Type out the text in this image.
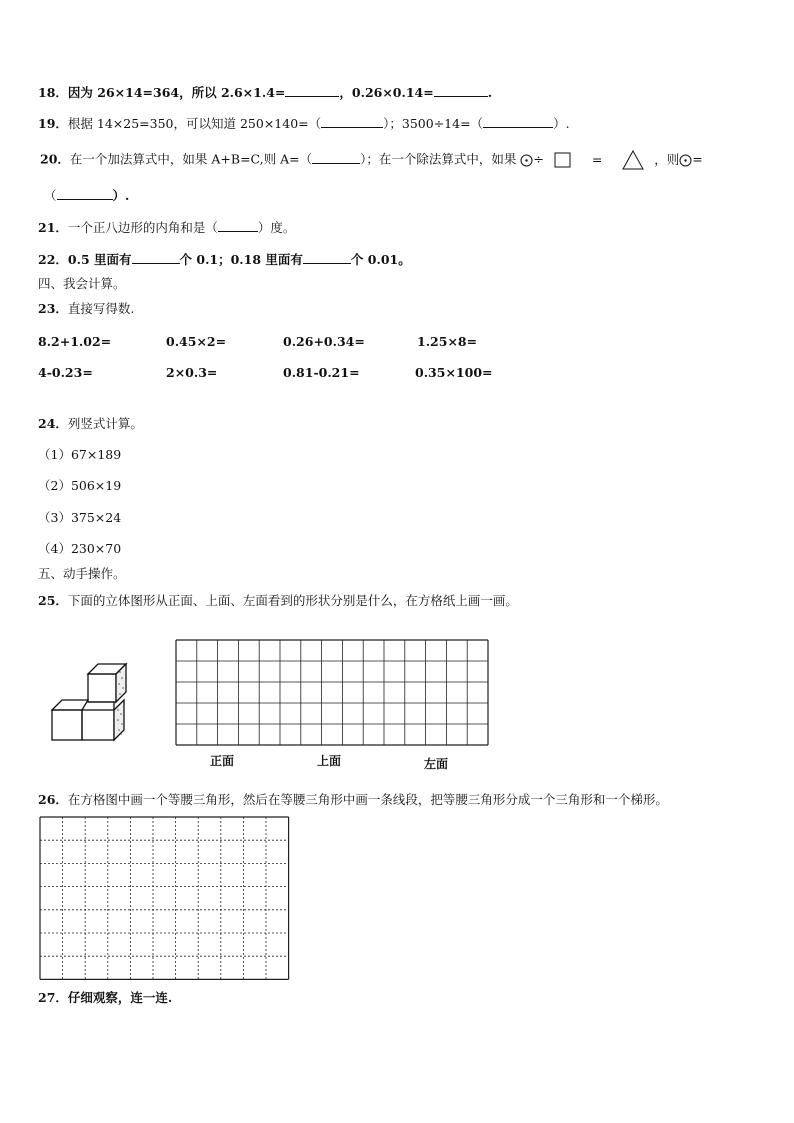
18．因为 26×14=364，所以 2.6×1.4=	，0.26×0.14=	.
19．根据 14×25=350，可以知道 250×140=（	）；3500÷14=（	）.
20．在一个加法算式中，如果 A+B=C,则 A=（	）；在一个除法算式中，如果 ÷	=	，则 =
（	）.
21．一个正八边形的内角和是（	）度。
22．0.5 里面有	个 0.1；0.18 里面有	个 0.01。
四、我会计算。
23．直接写得数.
8.2+1.02=	0.45×2=	0.26+0.34=	1.25×8=
4-0.23=	2×0.3=	0.81-0.21=	0.35×100=
24．列竖式计算。
（1）67×189
（2）506×19
（3）375×24
（4）230×70
五、动手操作。
25．下面的立体图形从正面、上面、左面看到的形状分别是什么，在方格纸上画一画。
正面	上面	左面
26．在方格图中画一个等腰三角形，然后在等腰三角形中画一条线段，把等腰三角形分成一个三角形和一个梯形。
27．仔细观察，连一连.
